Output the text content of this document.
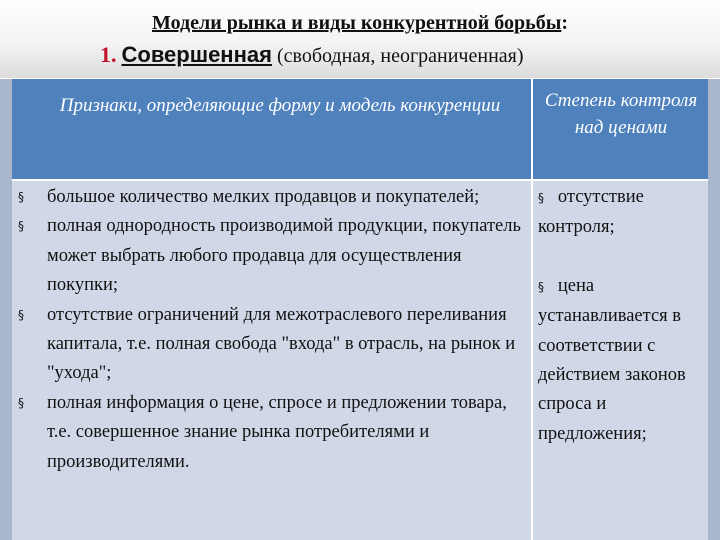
Модели рынка и виды конкурентной борьбы:
1. Совершенная (свободная, неограниченная)
Признаки, определяющие форму и модель конкуренции	Степень контроля над ценами
§ большое количество мелких продавцов и покупателей;
§ полная однородность производимой продукции, покупатель может выбрать любого продавца для осуществления покупки;
§ отсутствие ограничений для межотраслевого переливания капитала, т.е. полная свобода "входа" в отрасль, на рынок и "ухода";
§ полная информация о цене, спросе и предложении товара, т.е. совершенное знание рынка потребителями и производителями.
§ отсутствие контроля;
§ цена устанавливается в соответствии с действием законов спроса и предложения;
